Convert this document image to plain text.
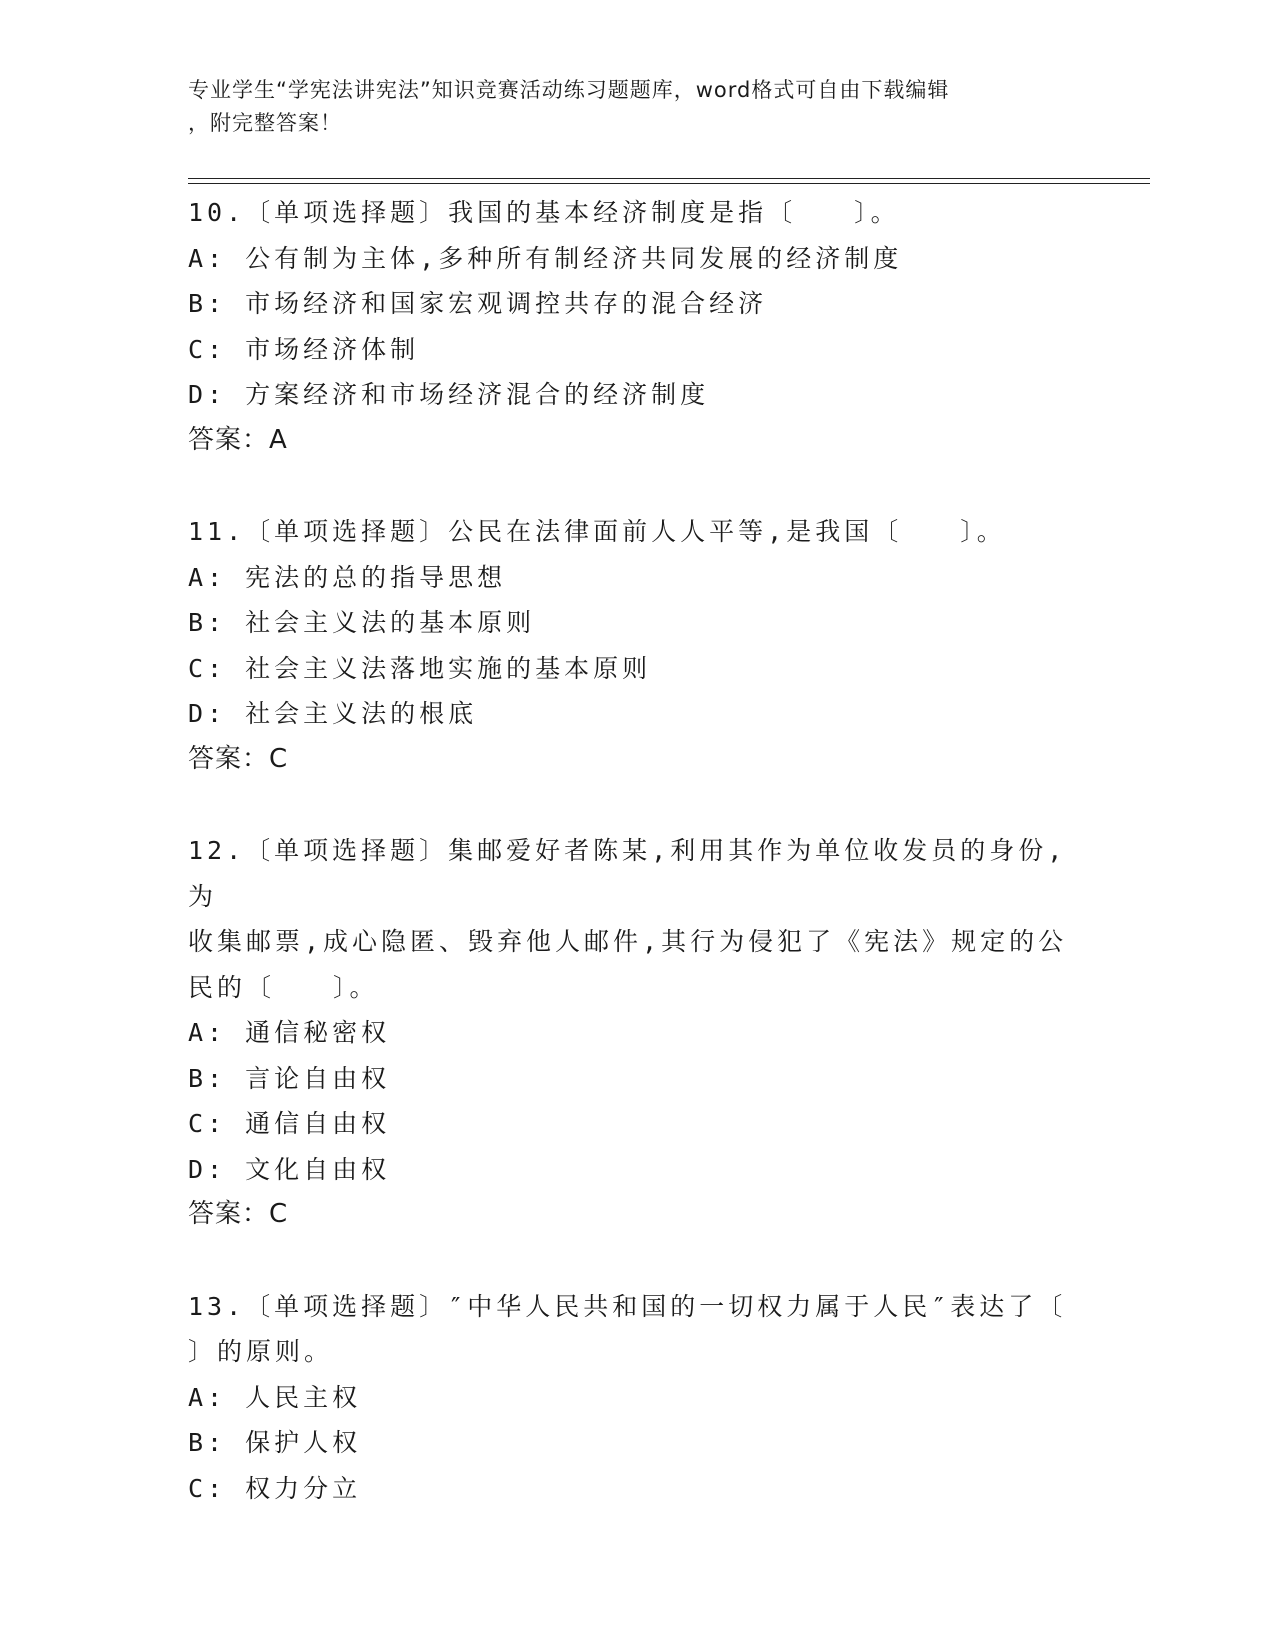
专业学生“学宪法讲宪法”知识竞赛活动练习题题库，word格式可自由下载编辑
，附完整答案！
10.〔单项选择题〕我国的基本经济制度是指〔　　〕。
A: 公有制为主体,多种所有制经济共同发展的经济制度
B: 市场经济和国家宏观调控共存的混合经济
C: 市场经济体制
D: 方案经济和市场经济混合的经济制度
答案：A
11.〔单项选择题〕公民在法律面前人人平等,是我国〔　　〕。
A: 宪法的总的指导思想
B: 社会主义法的基本原则
C: 社会主义法落地实施的基本原则
D: 社会主义法的根底
答案：C
12.〔单项选择题〕集邮爱好者陈某,利用其作为单位收发员的身份,为
收集邮票,成心隐匿、毁弃他人邮件,其行为侵犯了《宪法》规定的公
民的〔　　〕。
A: 通信秘密权
B: 言论自由权
C: 通信自由权
D: 文化自由权
答案：C
13.〔单项选择题〕″中华人民共和国的一切权力属于人民″表达了〔
〕的原则。
A: 人民主权
B: 保护人权
C: 权力分立
